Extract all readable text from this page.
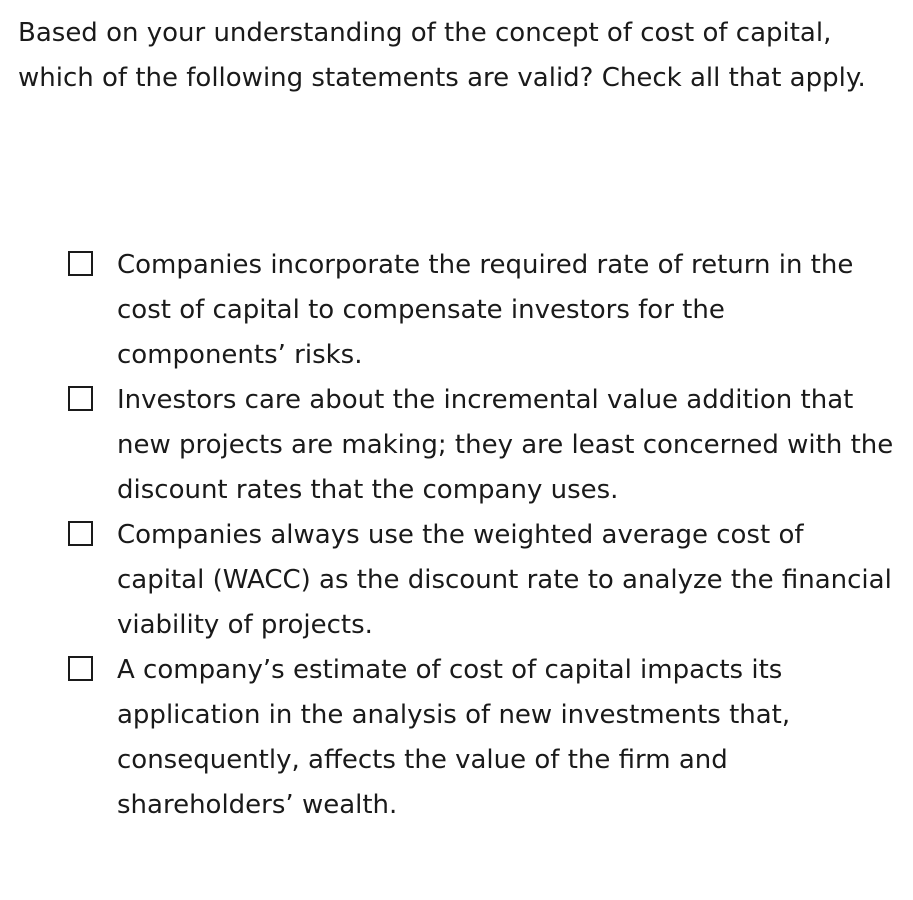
Based on your understanding of the concept of cost of capital, which of the following statements are valid? Check all that apply.

Companies incorporate the required rate of return in the cost of capital to compensate investors for the components’ risks.
Investors care about the incremental value addition that new projects are making; they are least concerned with the discount rates that the company uses.
Companies always use the weighted average cost of capital (WACC) as the discount rate to analyze the financial viability of projects.
A company’s estimate of cost of capital impacts its application in the analysis of new investments that, consequently, affects the value of the firm and shareholders’ wealth.
